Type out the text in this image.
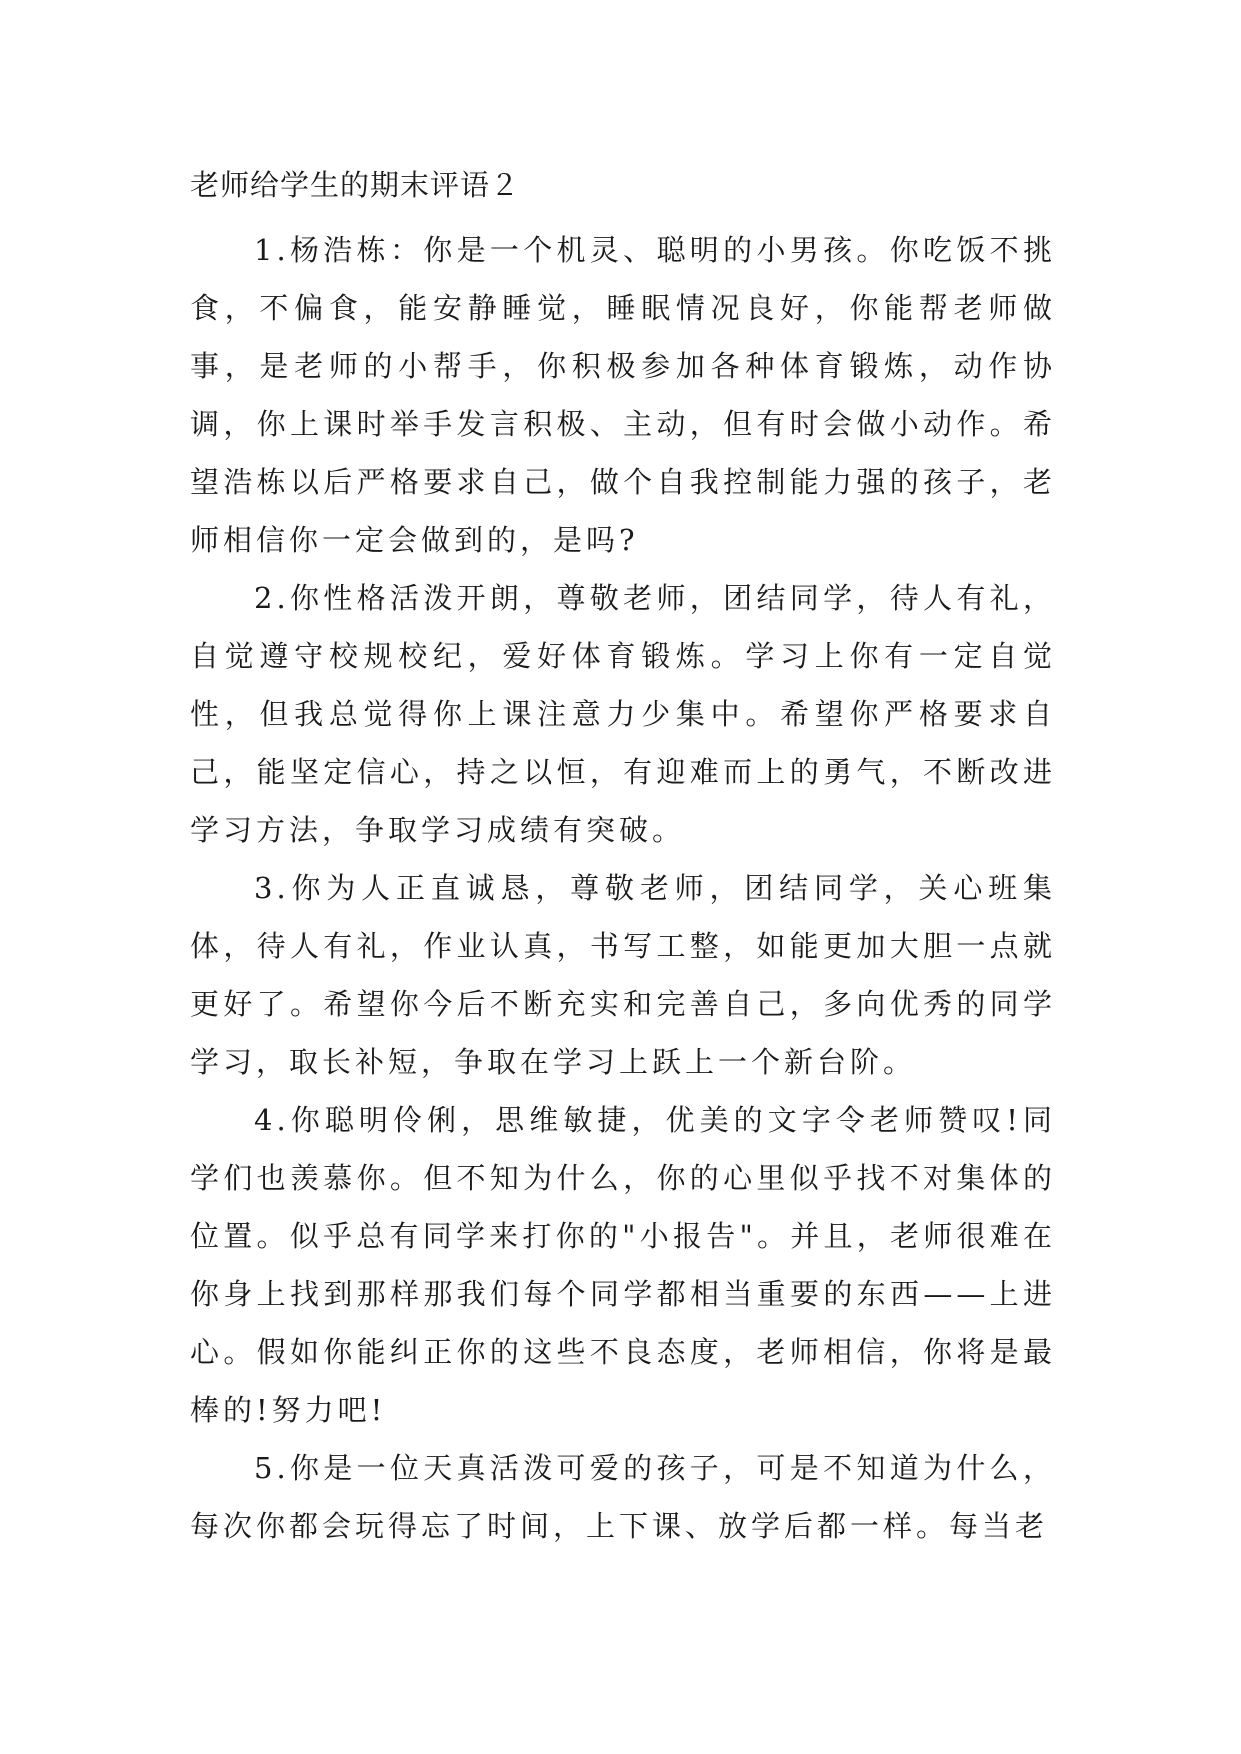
老师给学生的期末评语２

1.杨浩栋：你是一个机灵、聪明的小男孩。你吃饭不挑食，不偏食，能安静睡觉，睡眠情况良好，你能帮老师做事，是老师的小帮手，你积极参加各种体育锻炼，动作协调，你上课时举手发言积极、主动，但有时会做小动作。希望浩栋以后严格要求自己，做个自我控制能力强的孩子，老师相信你一定会做到的，是吗?

2.你性格活泼开朗，尊敬老师，团结同学，待人有礼，自觉遵守校规校纪，爱好体育锻炼。学习上你有一定自觉性，但我总觉得你上课注意力少集中。希望你严格要求自己，能坚定信心，持之以恒，有迎难而上的勇气，不断改进学习方法，争取学习成绩有突破。

3.你为人正直诚恳，尊敬老师，团结同学，关心班集体，待人有礼，作业认真，书写工整，如能更加大胆一点就更好了。希望你今后不断充实和完善自己，多向优秀的同学学习，取长补短，争取在学习上跃上一个新台阶。

4.你聪明伶俐，思维敏捷，优美的文字令老师赞叹!同学们也羡慕你。但不知为什么，你的心里似乎找不对集体的位置。似乎总有同学来打你的"小报告"。并且，老师很难在你身上找到那样那我们每个同学都相当重要的东西——上进心。假如你能纠正你的这些不良态度，老师相信，你将是最棒的!努力吧!

5.你是一位天真活泼可爱的孩子，可是不知道为什么，每次你都会玩得忘了时间，上下课、放学后都一样。每当老
